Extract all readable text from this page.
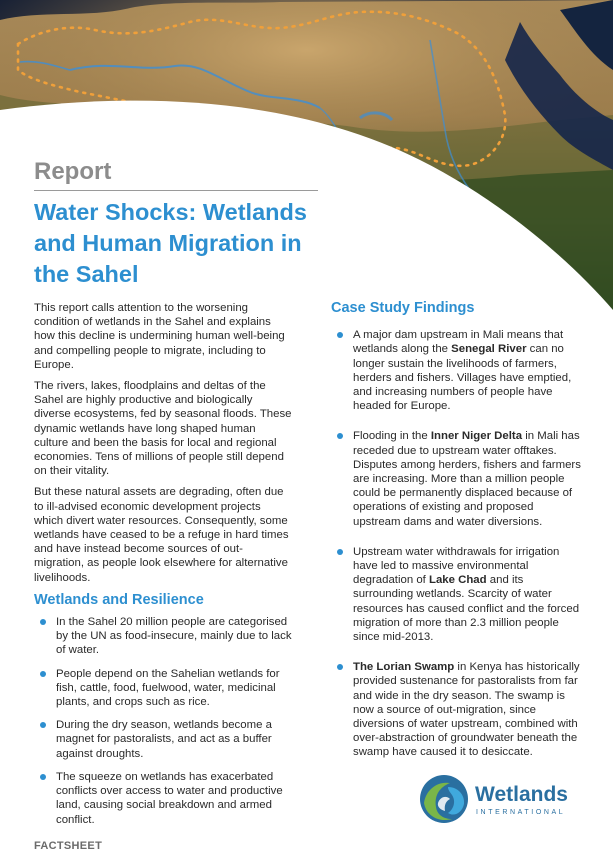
Report

Water Shocks: Wetlands and Human Migration in the Sahel

This report calls attention to the worsening condition of wetlands in the Sahel and explains how this decline is undermining human well-being and compelling people to migrate, including to Europe.

The rivers, lakes, floodplains and deltas of the Sahel are highly productive and biologically diverse ecosystems, fed by seasonal floods. These dynamic wetlands have long shaped human culture and been the basis for local and regional economies. Tens of millions of people still depend on their vitality.

But these natural assets are degrading, often due to ill-advised economic development projects which divert water resources. Consequently, some wetlands have ceased to be a refuge in hard times and have instead become sources of out-migration, as people look elsewhere for alternative livelihoods.

Wetlands and Resilience
In the Sahel 20 million people are categorised by the UN as food-insecure, mainly due to lack of water.
People depend on the Sahelian wetlands for fish, cattle, food, fuelwood, water, medicinal plants, and crops such as rice.
During the dry season, wetlands become a magnet for pastoralists, and act as a buffer against droughts.
The squeeze on wetlands has exacerbated conflicts over access to water and productive land, causing social breakdown and armed conflict.
Case Study Findings
A major dam upstream in Mali means that wetlands along the Senegal River can no longer sustain the livelihoods of farmers, herders and fishers. Villages have emptied, and increasing numbers of people have headed for Europe.
Flooding in the Inner Niger Delta in Mali has receded due to upstream water offtakes. Disputes among herders, fishers and farmers are increasing. More than a million people could be permanently displaced because of operations of existing and proposed upstream dams and water diversions.
Upstream water withdrawals for irrigation have led to massive environmental degradation of Lake Chad and its surrounding wetlands. Scarcity of water resources has caused conflict and the forced migration of more than 2.3 million people since mid-2013.
The Lorian Swamp in Kenya has historically provided sustenance for pastoralists from far and wide in the dry season. The swamp is now a source of out-migration, since diversions of water upstream, combined with over-abstraction of groundwater beneath the swamp have caused it to desiccate.
Wetlands
INTERNATIONAL

FACTSHEET
